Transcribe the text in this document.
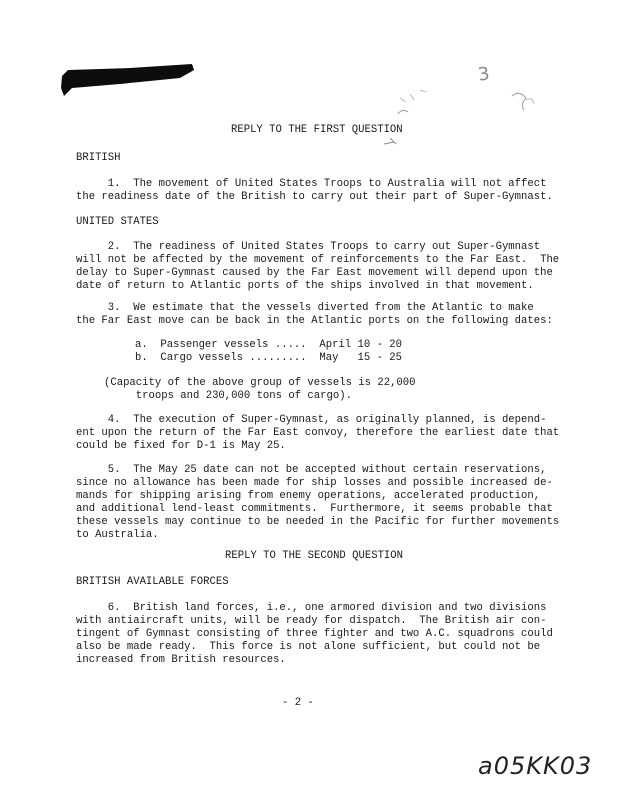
3

REPLY TO THE FIRST QUESTION

BRITISH

1.  The movement of United States Troops to Australia will not affect

the readiness date of the British to carry out their part of Super-Gymnast.

UNITED STATES

2.  The readiness of United States Troops to carry out Super-Gymnast

will not be affected by the movement of reinforcements to the Far East.  The

delay to Super-Gymnast caused by the Far East movement will depend upon the

date of return to Atlantic ports of the ships involved in that movement.

3.  We estimate that the vessels diverted from the Atlantic to make

the Far East move can be back in the Atlantic ports on the following dates:

a.  Passenger vessels .....  April 10 - 20

b.  Cargo vessels .........  May   15 - 25

(Capacity of the above group of vessels is 22,000

troops and 230,000 tons of cargo).

4.  The execution of Super-Gymnast, as originally planned, is depend-

ent upon the return of the Far East convoy, therefore the earliest date that

could be fixed for D-1 is May 25.

5.  The May 25 date can not be accepted without certain reservations,

since no allowance has been made for ship losses and possible increased de-

mands for shipping arising from enemy operations, accelerated production,

and additional lend-least commitments.  Furthermore, it seems probable that

these vessels may continue to be needed in the Pacific for further movements

to Australia.

REPLY TO THE SECOND QUESTION

BRITISH AVAILABLE FORCES

6.  British land forces, i.e., one armored division and two divisions

with antiaircraft units, will be ready for dispatch.  The British air con-

tingent of Gymnast consisting of three fighter and two A.C. squadrons could

also be made ready.  This force is not alone sufficient, but could not be

increased from British resources.

- 2 -

a05KK03
